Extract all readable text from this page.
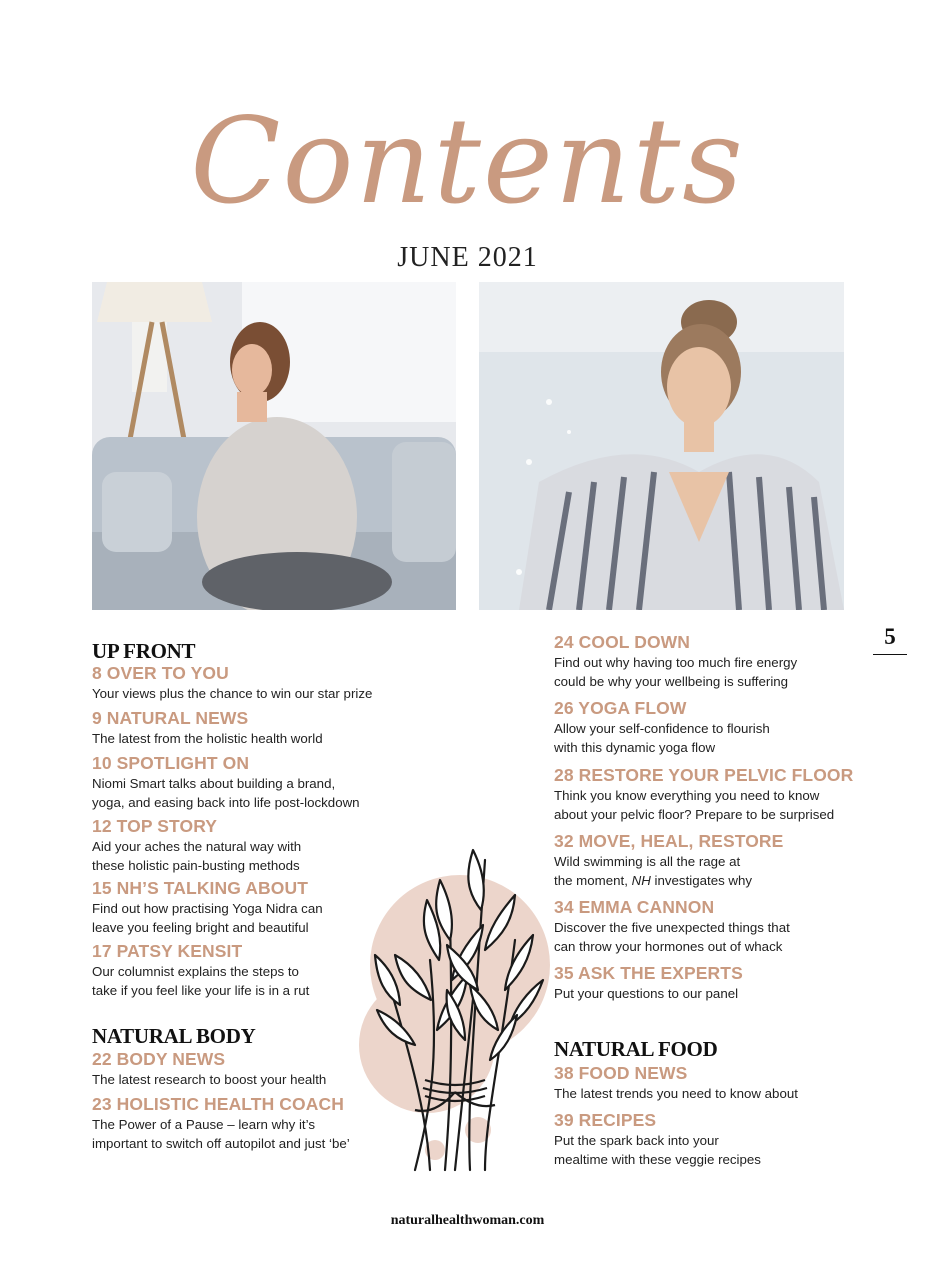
Contents
JUNE 2021
5
UP FRONT
8 OVER TO YOU
Your views plus the chance to win our star prize
9 NATURAL NEWS
The latest from the holistic health world
10 SPOTLIGHT ON
Niomi Smart talks about building a brand,
yoga, and easing back into life post-lockdown
12 TOP STORY
Aid your aches the natural way with
these holistic pain-busting methods
15 NH’S TALKING ABOUT
Find out how practising Yoga Nidra can
leave you feeling bright and beautiful
17 PATSY KENSIT
Our columnist explains the steps to
take if you feel like your life is in a rut
NATURAL BODY
22 BODY NEWS
The latest research to boost your health
23 HOLISTIC HEALTH COACH
The Power of a Pause – learn why it’s
important to switch off autopilot and just ‘be’
24 COOL DOWN
Find out why having too much fire energy
could be why your wellbeing is suffering
26 YOGA FLOW
Allow your self-confidence to flourish
with this dynamic yoga flow
28 RESTORE YOUR PELVIC FLOOR
Think you know everything you need to know
about your pelvic floor? Prepare to be surprised
32 MOVE, HEAL, RESTORE
Wild swimming is all the rage at
the moment, NH investigates why
34 EMMA CANNON
Discover the five unexpected things that
can throw your hormones out of whack
35 ASK THE EXPERTS
Put your questions to our panel
NATURAL FOOD
38 FOOD NEWS
The latest trends you need to know about
39 RECIPES
Put the spark back into your
mealtime with these veggie recipes
naturalhealthwoman.com
